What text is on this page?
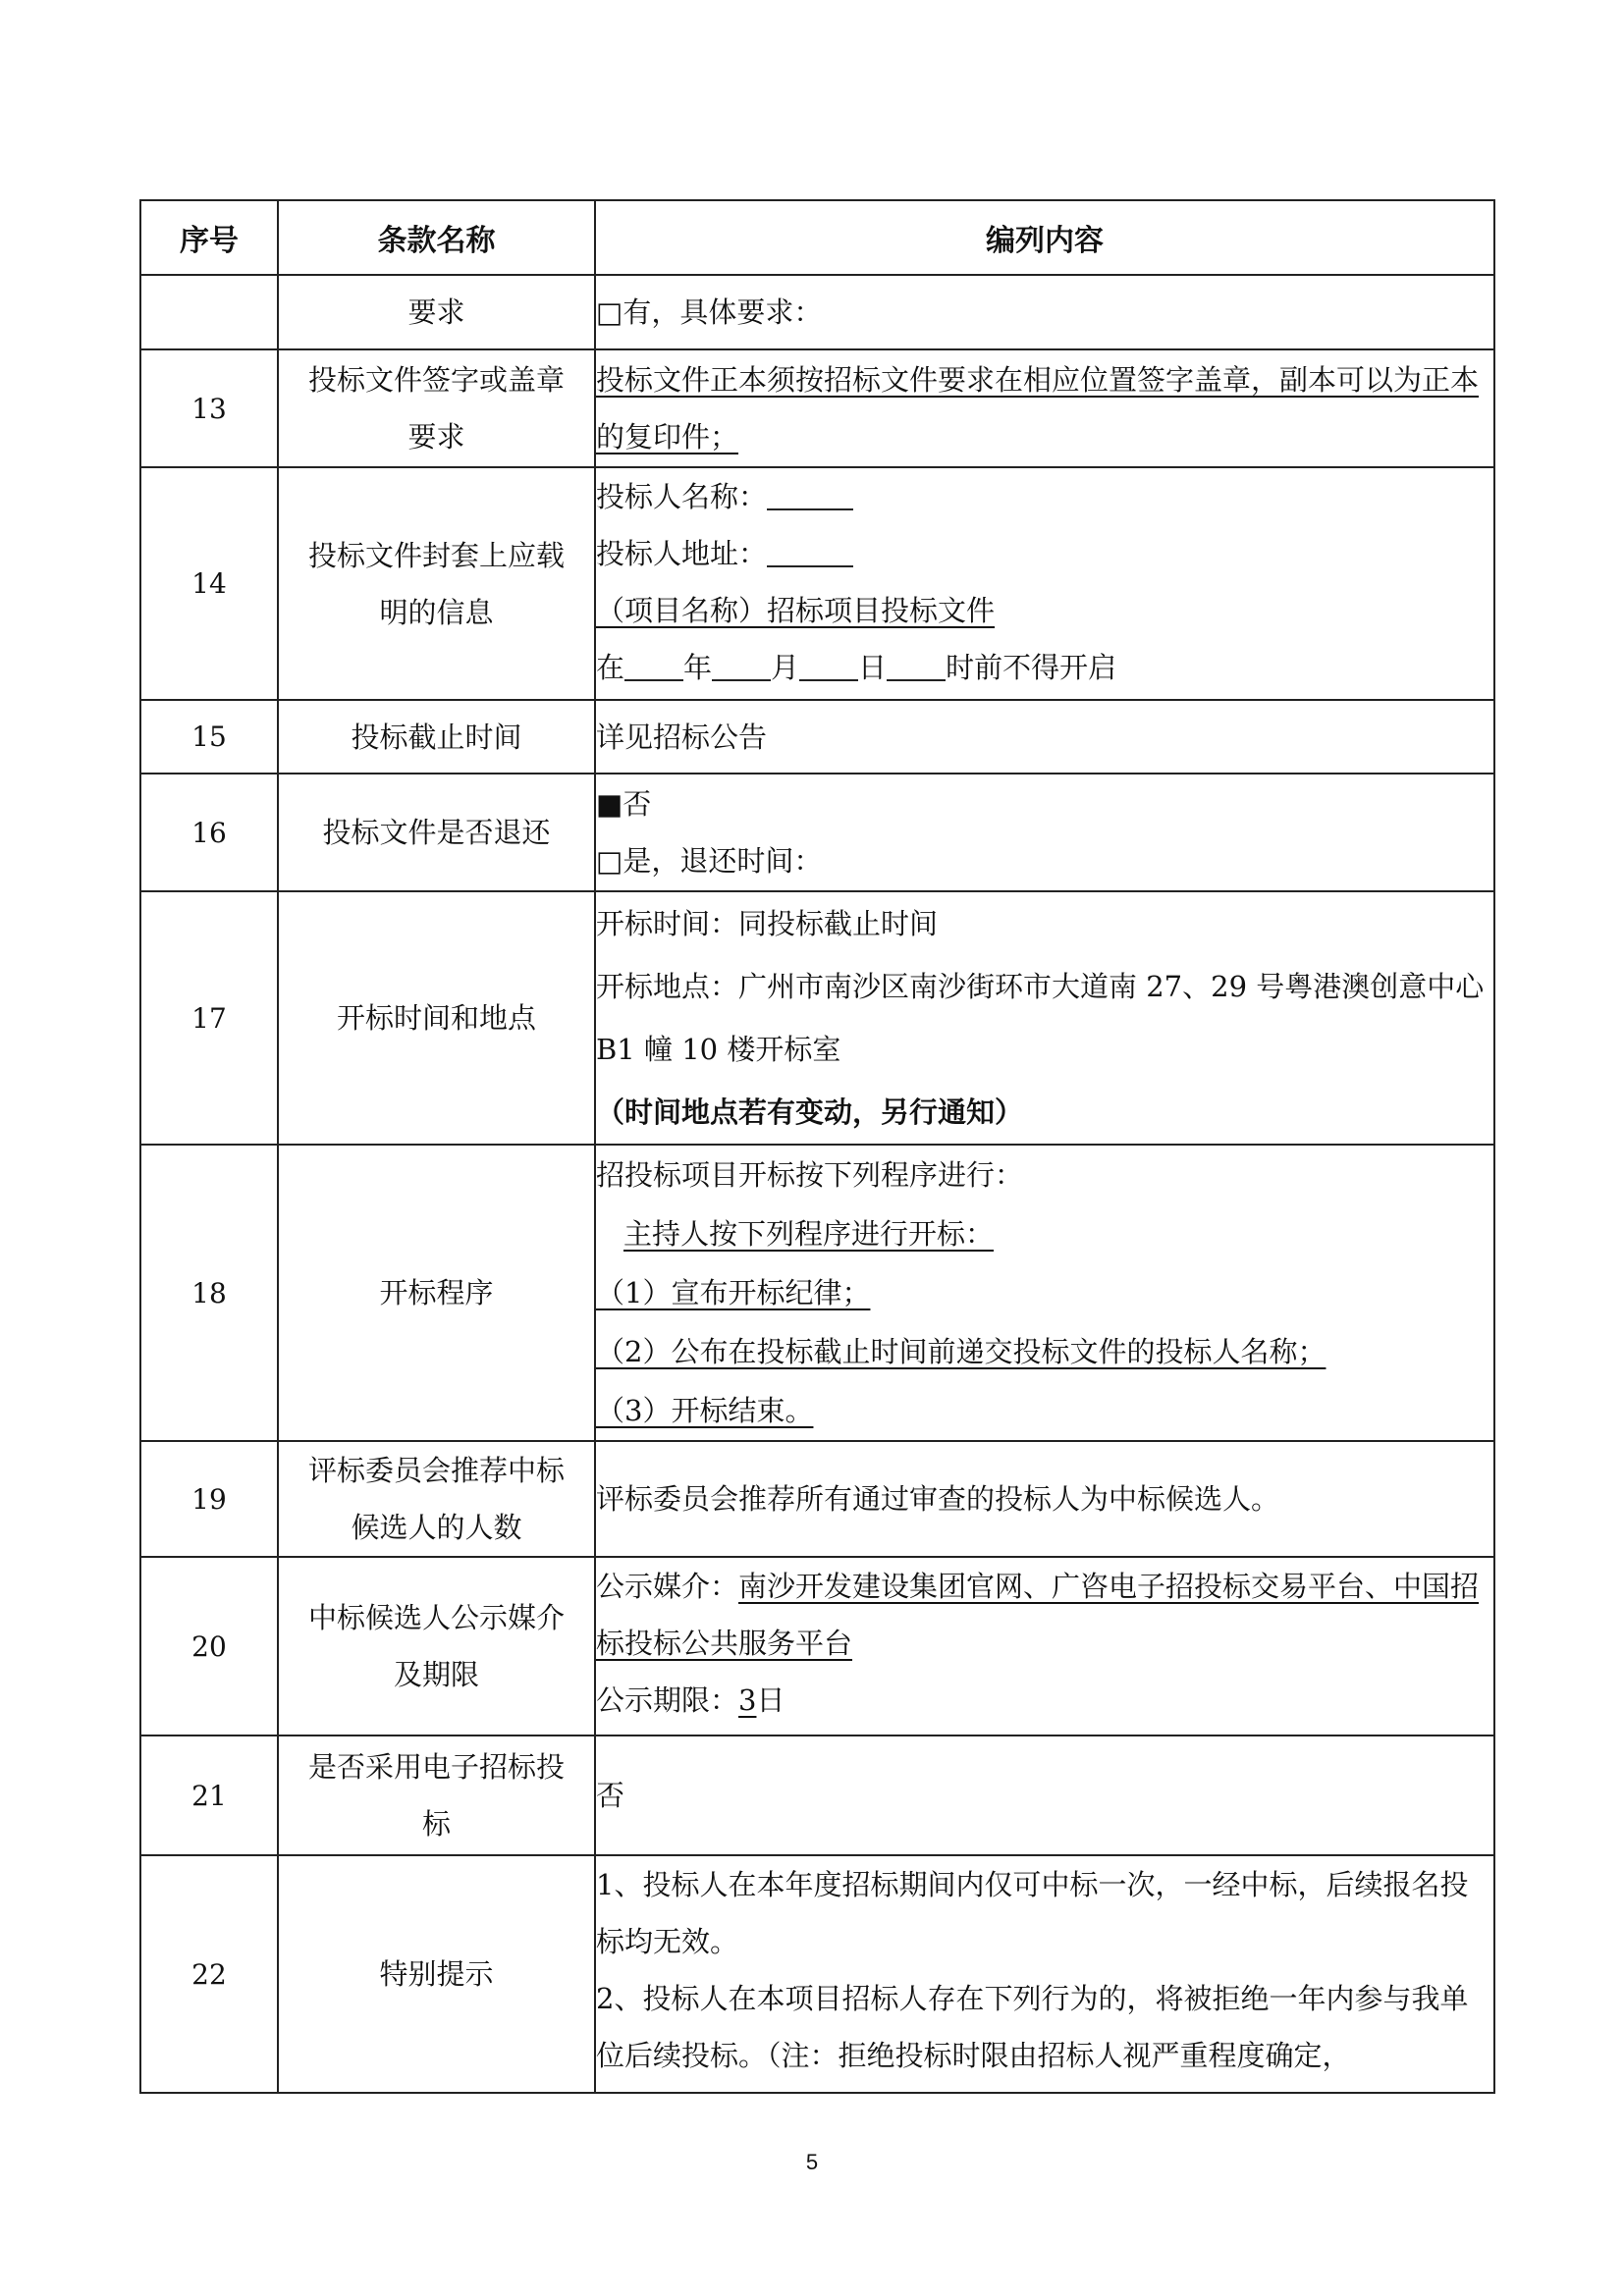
序号	条款名称	编列内容
	要求	□有，具体要求：

13	投标文件签字或盖章要求	投标文件正本须按招标文件要求在相应位置签字盖章，副本可以为正本的复印件；

14	投标文件封套上应载明的信息	投标人名称：
投标人地址：
（项目名称）招标项目投标文件
在 年 月 日 时前不得开启

15	投标截止时间	详见招标公告

16	投标文件是否退还	■否
□是，退还时间：

17	开标时间和地点	开标时间：同投标截止时间
开标地点：广州市南沙区南沙街环市大道南 27、29 号粤港澳创意中心 B1 幢 10 楼开标室
（时间地点若有变动，另行通知）

18	开标程序	招投标项目开标按下列程序进行：
主持人按下列程序进行开标：
（1）宣布开标纪律；
（2）公布在投标截止时间前递交投标文件的投标人名称；
（3）开标结束。

19	评标委员会推荐中标候选人的人数	评标委员会推荐所有通过审查的投标人为中标候选人。

20	中标候选人公示媒介及期限	公示媒介：南沙开发建设集团官网、广咨电子招投标交易平台、中国招标投标公共服务平台
公示期限：3日

21	是否采用电子招标投标	否

22	特别提示	1、投标人在本年度招标期间内仅可中标一次，一经中标，后续报名投标均无效。
2、投标人在本项目招标人存在下列行为的，将被拒绝一年内参与我单位后续投标。（注：拒绝投标时限由招标人视严重程度确定，
5
